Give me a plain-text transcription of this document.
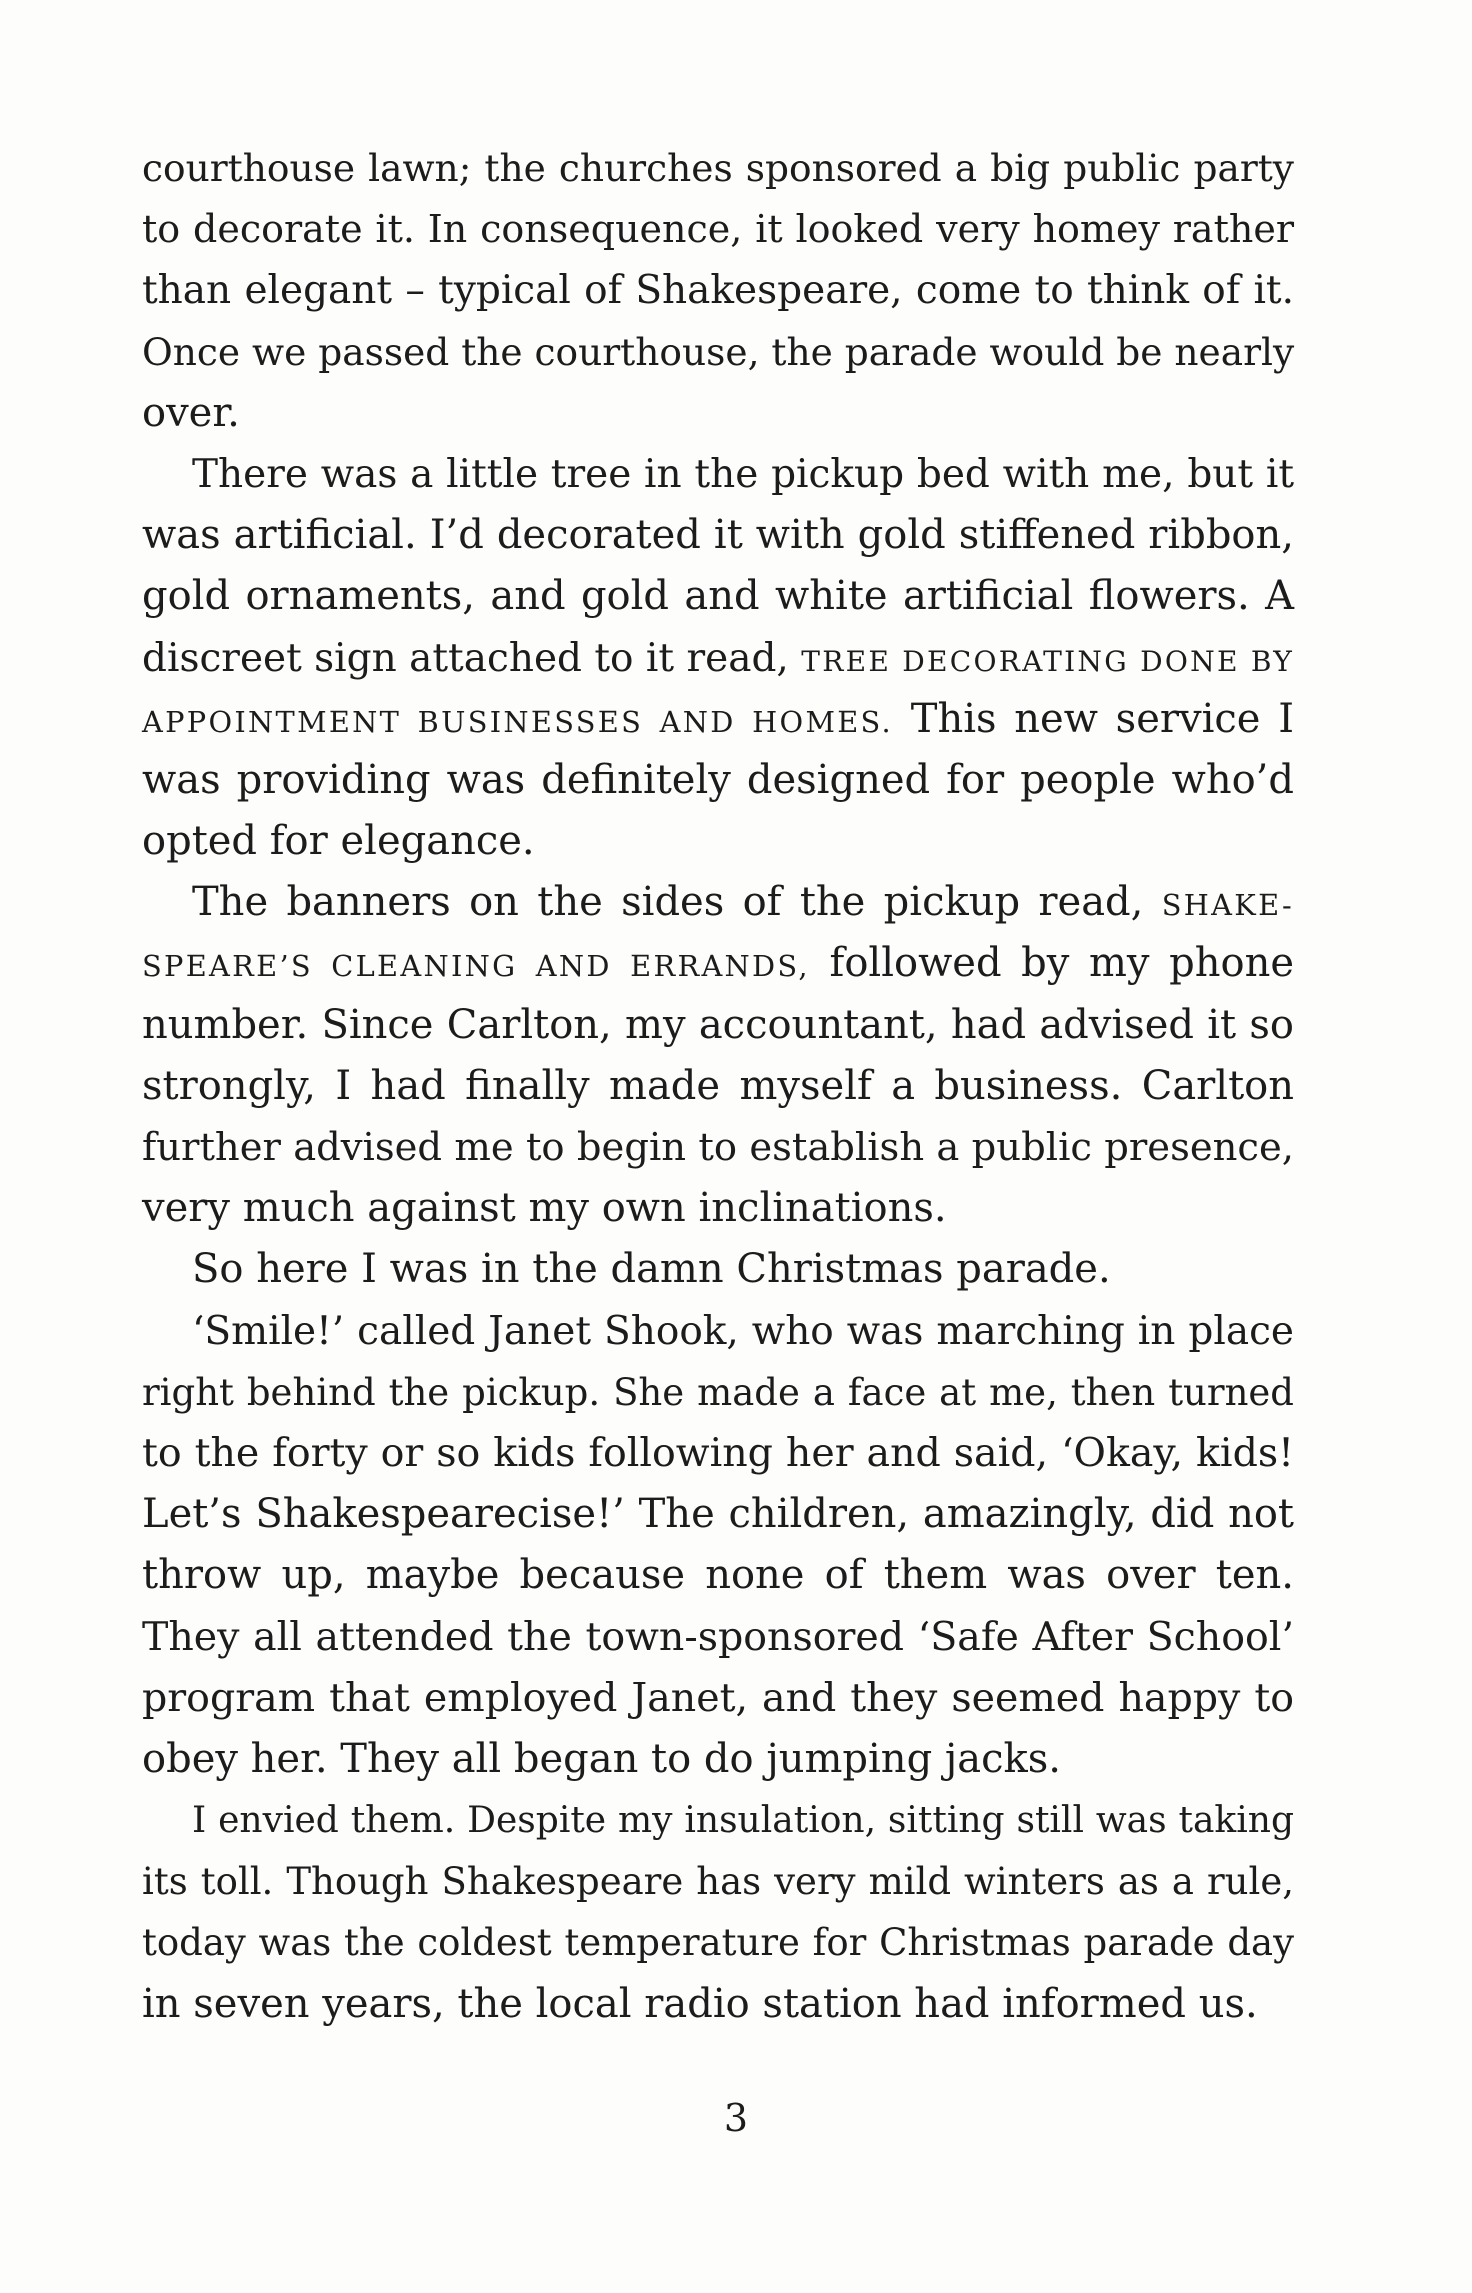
courthouse lawn; the churches sponsored a big public party
to decorate it. In consequence, it looked very homey rather
than elegant – typical of Shakespeare, come to think of it.
Once we passed the courthouse, the parade would be nearly
over.
There was a little tree in the pickup bed with me, but it
was artificial. I’d decorated it with gold stiffened ribbon,
gold ornaments, and gold and white artificial flowers. A
discreet sign attached to it read, TREE DECORATING DONE BY
APPOINTMENT BUSINESSES AND HOMES. This new service I
was providing was definitely designed for people who’d
opted for elegance.
The banners on the sides of the pickup read, SHAKE-
SPEARE’S CLEANING AND ERRANDS, followed by my phone
number. Since Carlton, my accountant, had advised it so
strongly, I had finally made myself a business. Carlton
further advised me to begin to establish a public presence,
very much against my own inclinations.
So here I was in the damn Christmas parade.
‘Smile!’ called Janet Shook, who was marching in place
right behind the pickup. She made a face at me, then turned
to the forty or so kids following her and said, ‘Okay, kids!
Let’s Shakespearecise!’ The children, amazingly, did not
throw up, maybe because none of them was over ten.
They all attended the town-sponsored ‘Safe After School’
program that employed Janet, and they seemed happy to
obey her. They all began to do jumping jacks.
I envied them. Despite my insulation, sitting still was taking
its toll. Though Shakespeare has very mild winters as a rule,
today was the coldest temperature for Christmas parade day
in seven years, the local radio station had informed us.
3
